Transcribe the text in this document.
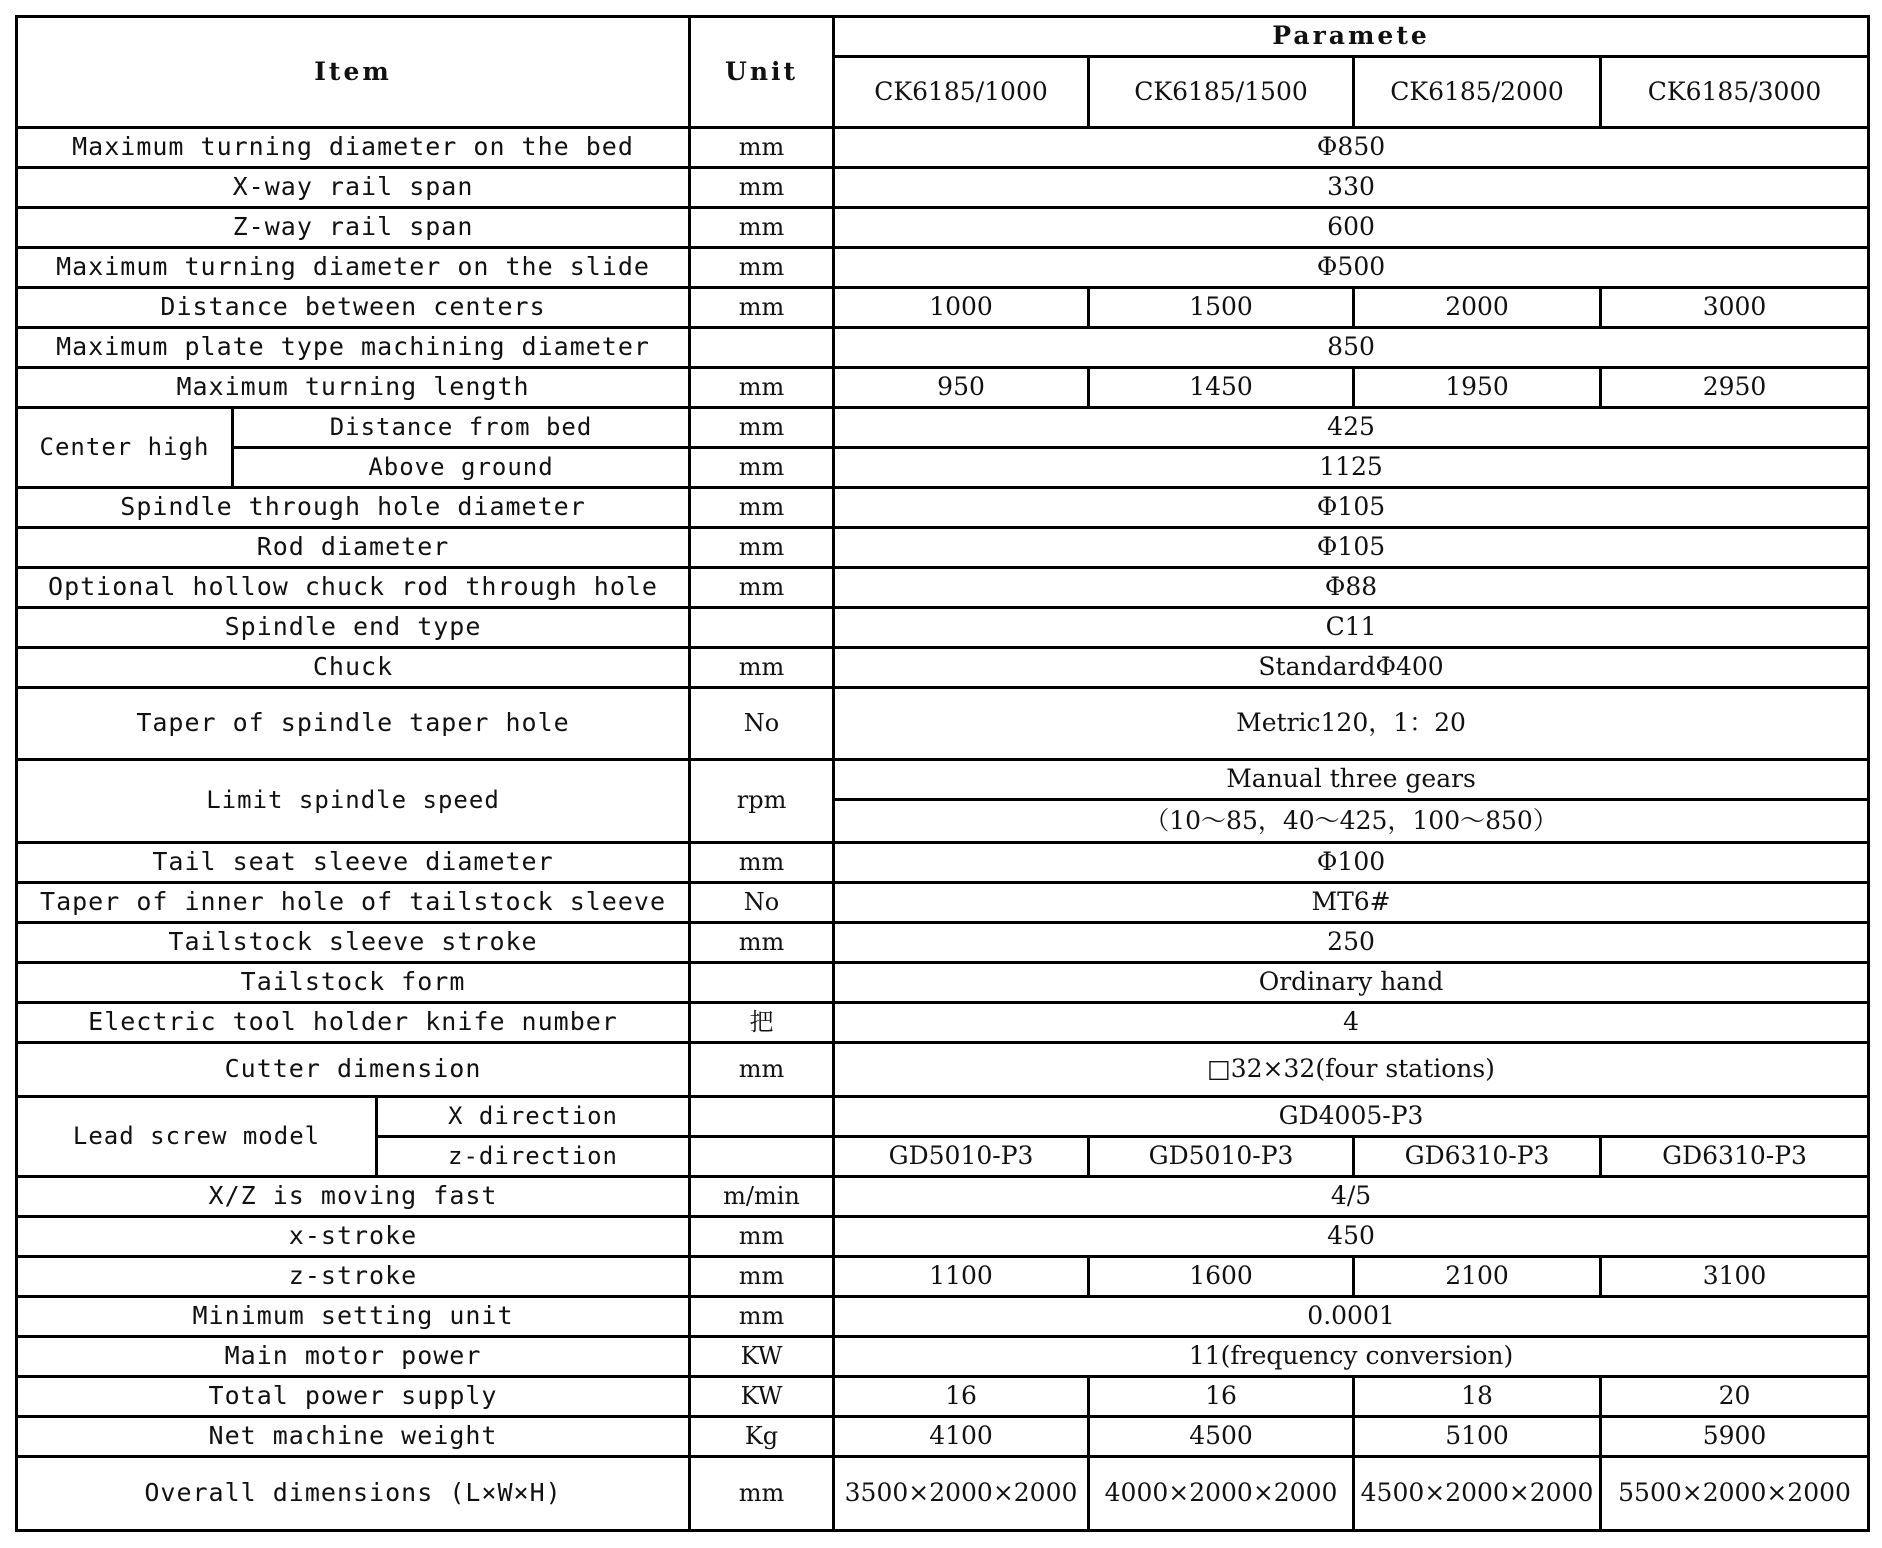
Item			Unit	Paramete			
				CK6185/1000	CK6185/1500	CK6185/2000	CK6185/3000
Maximum turning diameter on the bed			mm	Φ850			
X-way rail span			mm	330			
Z-way rail span			mm	600			
Maximum turning diameter on the slide			mm	Φ500			
Distance between centers			mm	1000	1500	2000	3000
Maximum plate type machining diameter				850			
Maximum turning length			mm	950	1450	1950	2950
Center high	Distance from bed		mm	425			
	Above ground		mm	1125			
Spindle through hole diameter			mm	Φ105			
Rod diameter			mm	Φ105			
Optional hollow chuck rod through hole			mm	Φ88			
Spindle end type				C11			
Chuck			mm	StandardΦ400			
Taper of spindle taper hole			No	Metric120，1：20			
Limit spindle speed			rpm	Manual three gears			
				（10～85，40～425，100～850）			
Tail seat sleeve diameter			mm	Φ100			
Taper of inner hole of tailstock sleeve			No	MT6#			
Tailstock sleeve stroke			mm	250			
Tailstock form				Ordinary hand			
Electric tool holder knife number			把	4			
Cutter dimension			mm	□32×32(four stations)			
Lead screw model		X direction		GD4005-P3			
		z-direction		GD5010-P3	GD5010-P3	GD6310-P3	GD6310-P3
X/Z is moving fast			m/min	4/5			
x-stroke			mm	450			
z-stroke			mm	1100	1600	2100	3100
Minimum setting unit			mm	0.0001			
Main motor power			KW	11(frequency conversion)			
Total power supply			KW	16	16	18	20
Net machine weight			Kg	4100	4500	5100	5900
Overall dimensions (L×W×H)			mm	3500×2000×2000	4000×2000×2000	4500×2000×2000	5500×2000×2000
